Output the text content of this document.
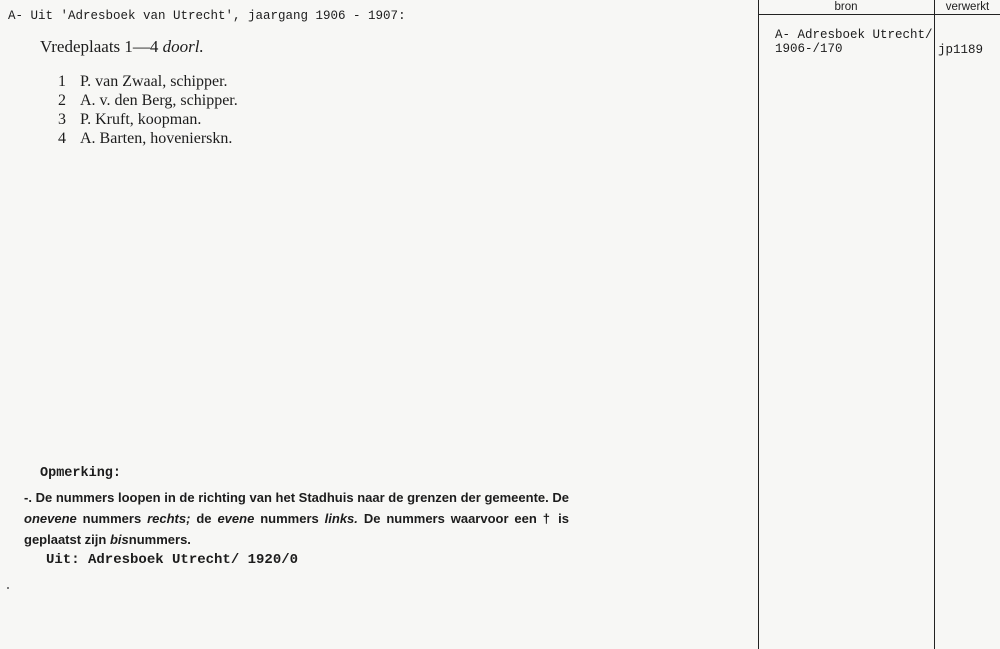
A- Uit 'Adresboek van Utrecht', jaargang 1906 - 1907:
Vredeplaats 1—4 doorl.
1 P. van Zwaal, schipper.
2 A. v. den Berg, schipper.
3 P. Kruft, koopman.
4 A. Barten, hovenierskn.
Opmerking:
-. De nummers loopen in de richting van het Stadhuis naar de grenzen der gemeente. De onevene nummers rechts; de evene nummers links. De nummers waarvoor een † is geplaatst zijn bisnummers.
Uit: Adresboek Utrecht/ 1920/0
bron	verwerkt
A- Adresboek Utrecht/
1906-/170	jp1189
